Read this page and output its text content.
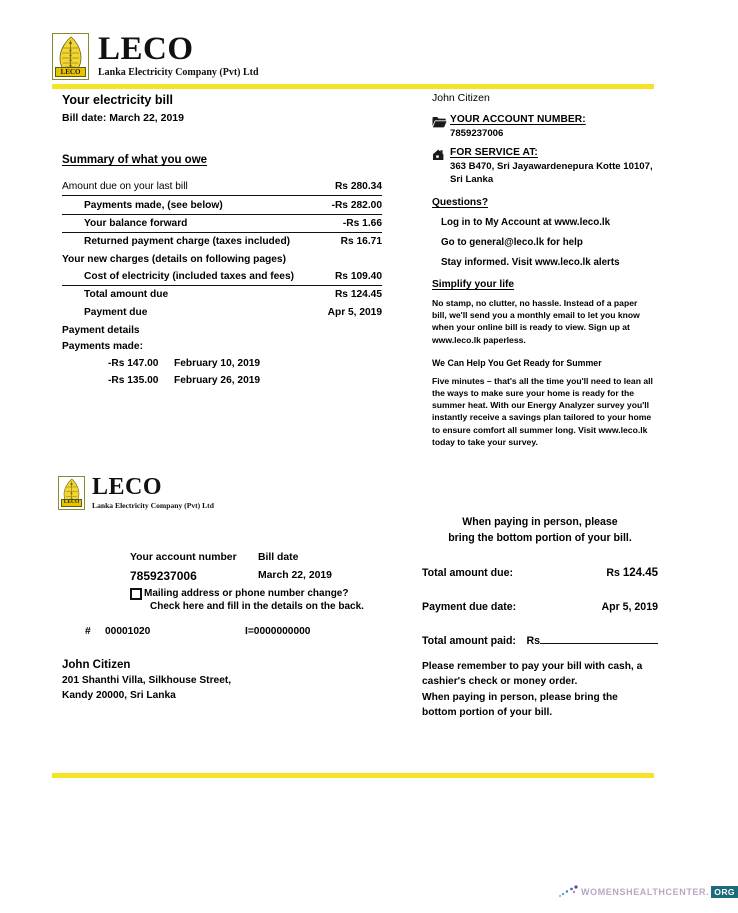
LECO
LECO
Lanka Electricity Company (Pvt) Ltd
Your electricity bill
Bill date: March 22, 2019
Summary of what you owe
Amount due on your last bill	Rs 280.34
Payments made, (see below)	-Rs 282.00
Your balance forward	-Rs 1.66
Returned payment charge (taxes included)	Rs 16.71
Your new charges (details on following pages)	
Cost of electricity (included taxes and fees)	Rs 109.40
Total amount due	Rs 124.45
Payment due	Apr 5, 2019
Payment details
Payments made:
-Rs 147.00 February 10, 2019
-Rs 135.00 February 26, 2019
John Citizen
YOUR ACCOUNT NUMBER:
7859237006
FOR SERVICE AT:
363 B470, Sri Jayawardenepura Kotte 10107,
Sri Lanka
Questions?
Log in to My Account at www.leco.lk
Go to general@leco.lk for help
Stay informed. Visit www.leco.lk alerts
Simplify your life
No stamp, no clutter, no hassle. Instead of a paper bill, we'll send you a monthly email to let you know when your online bill is ready to view. Sign up at www.leco.lk paperless.
We Can Help You Get Ready for Summer
Five minutes – that's all the time you'll need to lean all the ways to make sure your home is ready for the summer heat. With our Energy Analyzer survey you'll instantly receive a savings plan tailored to your home to ensure comfort all summer long. Visit www.leco.lk today to take your survey.
LECO
LECO
Lanka Electricity Company (Pvt) Ltd
Your account number
7859237006
Bill date
March 22, 2019
Mailing address or phone number change?
Check here and fill in the details on the back.
#	00001020	I=0000000000
John Citizen
201 Shanthi Villa, Silkhouse Street,
Kandy 20000, Sri Lanka
When paying in person, please
bring the bottom portion of your bill.
Total amount due:	Rs 124.45
Payment due date:	Apr 5, 2019
Total amount paid: Rs
Please remember to pay your bill with cash, a
cashier's check or money order.
When paying in person, please bring the
bottom portion of your bill.
WOMENSHEALTHCENTER. ORG
